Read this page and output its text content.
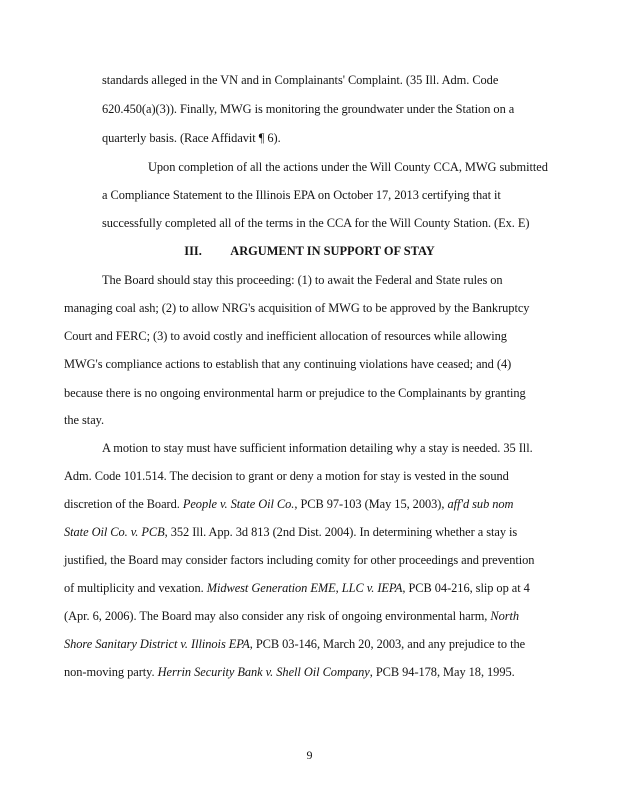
standards alleged in the VN and in Complainants' Complaint. (35 Ill. Adm. Code
620.450(a)(3)). Finally, MWG is monitoring the groundwater under the Station on a
quarterly basis. (Race Affidavit ¶ 6).
Upon completion of all the actions under the Will County CCA, MWG submitted
a Compliance Statement to the Illinois EPA on October 17, 2013 certifying that it
successfully completed all of the terms in the CCA for the Will County Station. (Ex. E)
III. ARGUMENT IN SUPPORT OF STAY
The Board should stay this proceeding: (1) to await the Federal and State rules on
managing coal ash; (2) to allow NRG's acquisition of MWG to be approved by the Bankruptcy
Court and FERC; (3) to avoid costly and inefficient allocation of resources while allowing
MWG's compliance actions to establish that any continuing violations have ceased; and (4)
because there is no ongoing environmental harm or prejudice to the Complainants by granting
the stay.
A motion to stay must have sufficient information detailing why a stay is needed. 35 Ill.
Adm. Code 101.514. The decision to grant or deny a motion for stay is vested in the sound
discretion of the Board. People v. State Oil Co., PCB 97-103 (May 15, 2003), aff'd sub nom
State Oil Co. v. PCB, 352 Ill. App. 3d 813 (2nd Dist. 2004). In determining whether a stay is
justified, the Board may consider factors including comity for other proceedings and prevention
of multiplicity and vexation. Midwest Generation EME, LLC v. IEPA, PCB 04-216, slip op at 4
(Apr. 6, 2006). The Board may also consider any risk of ongoing environmental harm, North
Shore Sanitary District v. Illinois EPA, PCB 03-146, March 20, 2003, and any prejudice to the
non-moving party. Herrin Security Bank v. Shell Oil Company, PCB 94-178, May 18, 1995.
9
